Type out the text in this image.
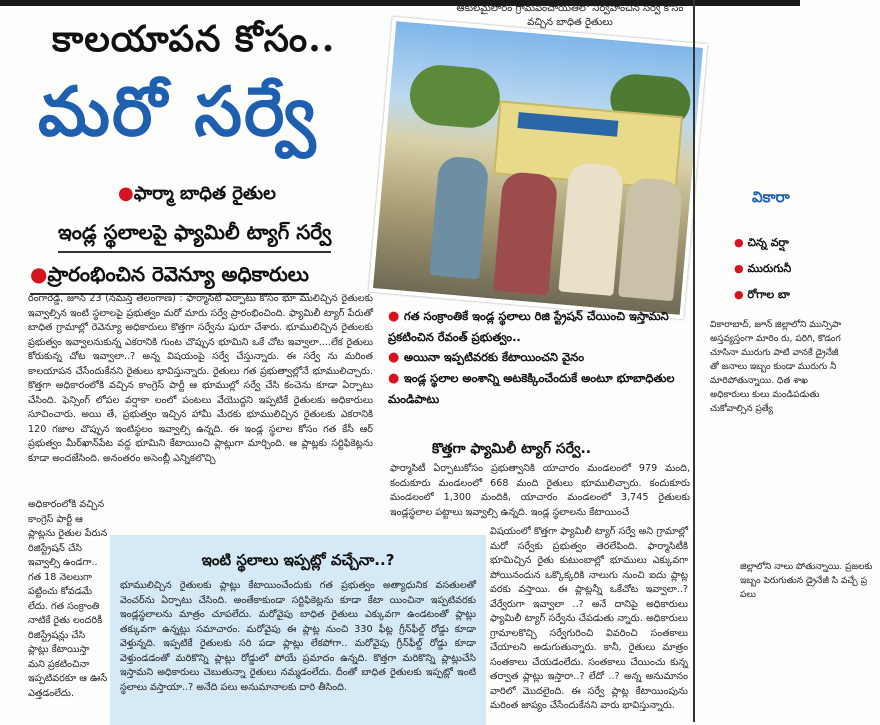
కాలయాపన కోసం..
మరో సర్వే
●ఫార్మా బాధిత రైతుల
ఇండ్ల స్థలాలపై ఫ్యామిలీ ట్యాగ్ సర్వే
●ప్రారంభించిన రెవెన్యూ అధికారులు
ఆకులమైలారం గ్రామపంచాయతీలో నిర్వహించిన సర్వే కోసం వచ్చిన బాధిత రైతులు
రంగారెడ్డి, జూన్ 23 (నమస్తే తెలంగాణ) : ఫార్మాసిటీ ఏర్పాటు కోసం భూ ములిచ్చిన రైతులకు ఇవ్వాల్సిన ఇంటి స్థలాలపై ప్రభుత్వం మరో మారు సర్వే ప్రారంభించింది. ఫ్యామిలీ ట్యాగ్ పేరుతో బాధిత గ్రామాల్లో రెవెన్యూ అధికారులు కొత్తగా సర్వేను షురూ చేశారు. భూములిచ్చిన రైతులకు ప్రభుత్వం ఇవ్వాలనుకున్న ఎకరానికి గుంట చొప్పున భూమిని ఒకే చోట ఇవ్వాలా....లేక రైతులు కోరుకున్న చోట ఇవ్వాలా..? అన్న విషయంపై సర్వే చేస్తున్నారు. ఈ సర్వే ను మరింత కాలయాపన చేసేందుకేనని రైతులు భావిస్తున్నారు. రైతులు గత ప్రభుత్వాల్లోనే భూములిచ్చారు. కొత్తగా అధికారంలోకి వచ్చిన కాంగ్రెస్ పార్టీ ఆ భూముల్లో సర్వే చేసి కంచెను కూడా ఏర్పాటు చేసింది. ఫెన్సింగ్ లోపల వర్షాకా లంలో పంటలు వేయొద్దని ఇప్పటికే రైతులకు అధికారులు సూచించారు. అయి తే, ప్రభుత్వం ఇచ్చిన హామీ మేరకు భూములిచ్చిన రైతులకు ఎకరానికి 120 గజాల చొప్పున ఇంటిస్థలం ఇవ్వాల్సి ఉన్నది. ఈ ఇండ్ల స్థలాల కోసం గత కేసీ ఆర్ ప్రభుత్వం మీర్‌ఖాన్‌పేట వద్ద భూమిని కేటాయించి ప్లాట్లుగా మార్చింది. ఆ ప్లాట్లకు సర్టిఫికెట్లను కూడా అందజేసింది. అనంతరం అసెంబ్లీ ఎన్నికలొచ్చి
అధికారంలోకి వచ్చిన కాంగ్రెస్ పార్టీ ఆ ప్లాట్లను రైతుల పేరున రిజిస్ట్రేషన్ చేసి ఇవ్వాల్సి ఉండగా.. గత 18 నెలలుగా పట్టించు కోవడమే లేదు. గత సంక్రాంతి నాటికే రైతు లందరికీ రిజిస్ట్రేషన్లు చేసి ప్లాట్లు కేటాయిస్తా మని ప్రకటించినా ఇప్పటివరకూ ఆ ఊసే ఎత్తడంలేదు.
● గత సంక్రాంతికే ఇండ్ల స్థలాలు రిజి స్ట్రేషన్ చేయించి ఇస్తామని ప్రకటించిన రేవంత్ ప్రభుత్వం..
● అయినా ఇప్పటివరకు కేటాయించని వైనం
● ఇండ్ల స్థలాల అంశాన్ని అటకెక్కించేందుకే అంటూ భూబాధితుల మండిపాటు
కొత్తగా ఫ్యామిలీ ట్యాగ్ సర్వే..
ఫార్మాసిటీ ఏర్పాటుకోసం ప్రభుత్వానికి యాచారం మండలంలో 979 మంది, కందుకూరు మండలంలో 668 మంది రైతులు భూములిచ్చారు. కందుకూరు మండలంలో 1,300 మందికి, యాచారం మండలంలో 3,745 రైతులకు ఇండ్లస్థలాల పట్టాలు ఇవ్వాల్సి ఉన్నది. ఇండ్ల స్థలాలను కేటాయించే
విషయంలో కొత్తగా ఫ్యామిలీ ట్యాగ్ సర్వే అని గ్రామాల్లో మరో సర్వేకు ప్రభుత్వం తెరలేపింది. ఫార్మాసిటీకి భూమిచ్చిన రైతు కుటుంబాల్లో భూములు ఎక్కువగా పోయినందున ఒక్కొక్కరికి నాలుగు నుంచి ఐదు ప్లాట్ల వరకు వస్తాయి. ఈ ప్లాట్లన్నీ ఒకేచోట ఇవ్వాలా..? వేర్వేరుగా ఇవ్వాలా ..? అనే దానిపై అధికారులు ఫ్యామిలీ ట్యాగ్ సర్వేను చేపడుతు న్నారు. అధికారులు గ్రామాలకొచ్చి సర్వేగురించి వివరించి సంతకాలు చేయాలని అడుగుతున్నారు. కానీ, రైతులు మాత్రం సంతకాలు చేయడంలేదు. సంతకాలు చేయించు కున్న తర్వాత ప్లాట్లు ఇస్తారా..? లేదో ..? అన్న అనుమానం వారిలో మొదలైంది. ఈ సర్వే ప్లాట్ల కేటాయింపును మరింత జాప్యం చేసేందుకేనని వారు భావిస్తున్నారు.
ఇంటి స్థలాలు ఇప్పట్లో వచ్చేనా..?
భూములిచ్చిన రైతులకు ప్లాట్లు కేటాయించేందుకు గత ప్రభుత్వం అత్యాధునిక వసతులతో వెంచర్‌ను ఏర్పాటు చేసింది. అంతేకాకుండా సర్టిఫికెట్లను కూడా కేటా యించినా ఇప్పటివరకు ఇండ్లస్థలాలను మాత్రం చూపలేదు. మరోవైపు బాధిత రైతులు ఎక్కువగా ఉండటంతో ప్లాట్లు తక్కువగా ఉన్నట్లు సమాచారం. మరోవైపు ఈ ప్లాట్ల నుంచి 330 ఫీట్ల గ్రీన్‌ఫీల్డ్ రోడ్డు కూడా వెళ్తున్నది. ఇప్పటికే రైతులకు సరి పడా ప్లాట్లు లేకపోగా.. మరోవైపు గ్రీన్‌ఫీల్డ్ రోడ్డు కూడా వెళ్తుండడంతో మరికొన్ని ప్లాట్లు రోడ్డులో పోయే ప్రమాదం ఉన్నది. కొత్తగా మరికొన్ని ప్లాట్లుచేసి ఇస్తామని అధికారులు చెబుతున్నా రైతులు నమ్మడంలేదు. దీంతో బాధిత రైతులకు ఇప్పట్లో ఇంటి స్థలాలు వస్తాయా..? అనేది పలు అనుమానాలకు దారి తీసింది.
వికారా
● చిన్న వర్షా
● మురుగునీ
● రోగాల బా
వికారాబాద్, జూన్ జిల్లాలోని మున్సిపా అస్తవ్యస్తంగా మారిం రు, పరిగి, కొడంగ చూసినా మురుగు పాటి వానకే డ్రైనేజీ తో జనాలు ఇబ్బం కుండా మురుగు నీ మారిపోతున్నాయి. ధిత శాఖ అధికారులు కులు మండిపడుతు చుకోవాల్సిన ప్రత్యే
జిల్లాలోని నాలు పోతున్నాయి. ప్రజలకు ఇబ్బం పెరుగుతున డ్రైనేజీ సి వచ్చే ప్ర పలు
